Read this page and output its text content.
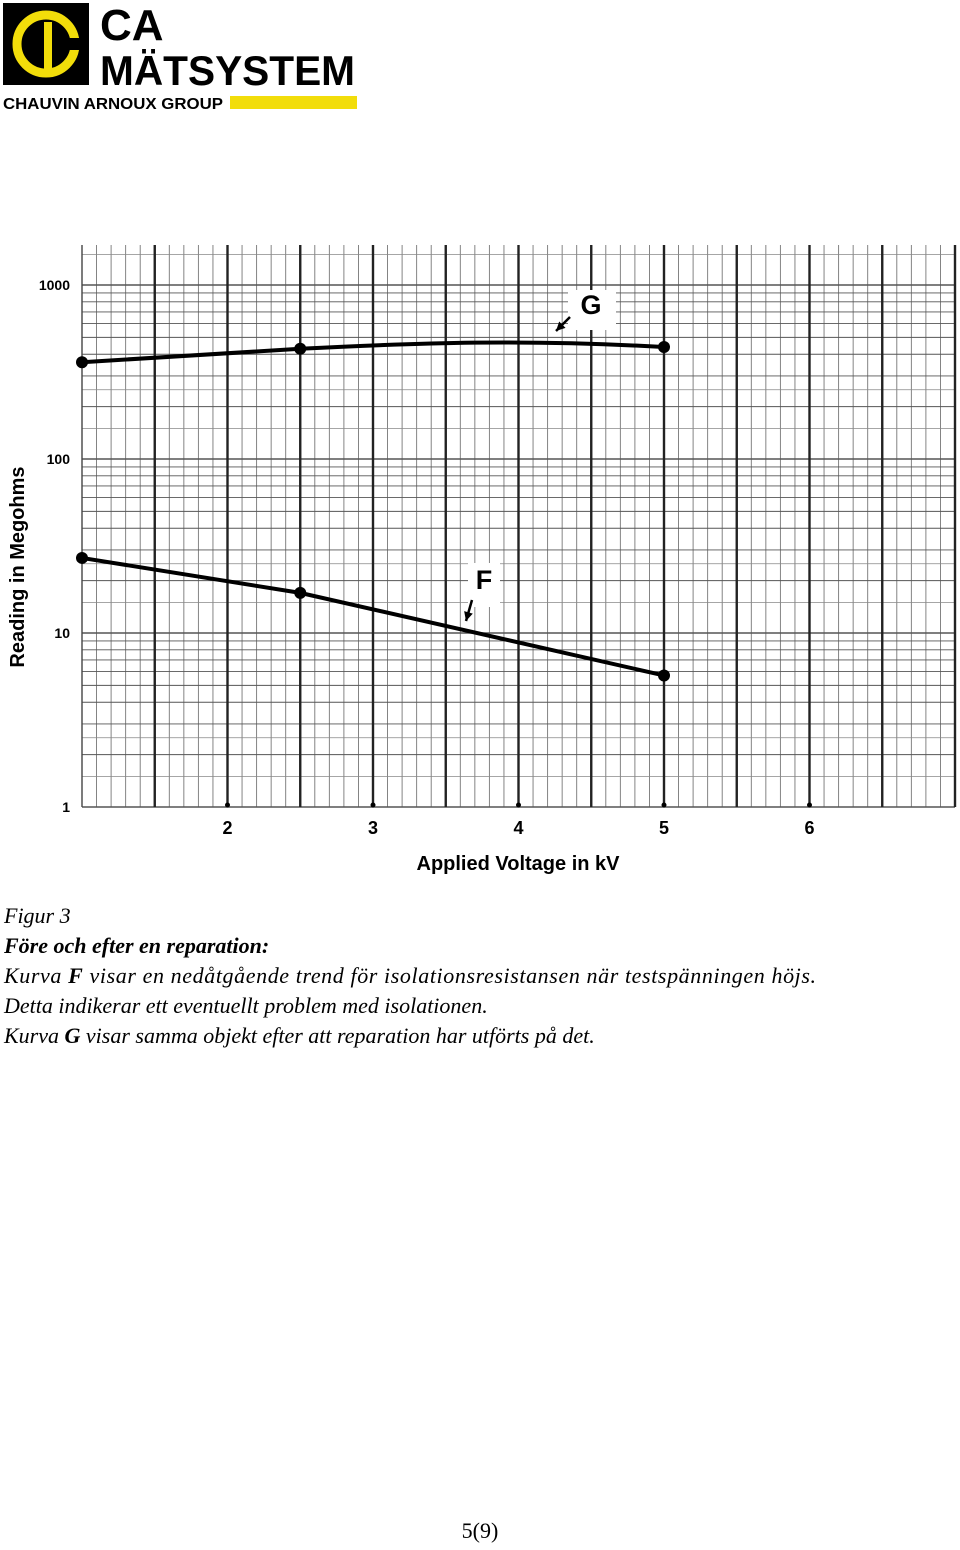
CA
MÄTSYSTEM
CHAUVIN ARNOUX GROUP
1
10
100
1000
2	3	4	5	6
G
F
Applied Voltage in kV
Reading in Megohms

Figur 3

Före och efter en reparation:

Kurva F visar en nedåtgående trend för isolationsresistansen när testspänningen höjs.

Detta indikerar ett eventuellt problem med isolationen.

Kurva G visar samma objekt efter att reparation har utförts på det.

5(9)
